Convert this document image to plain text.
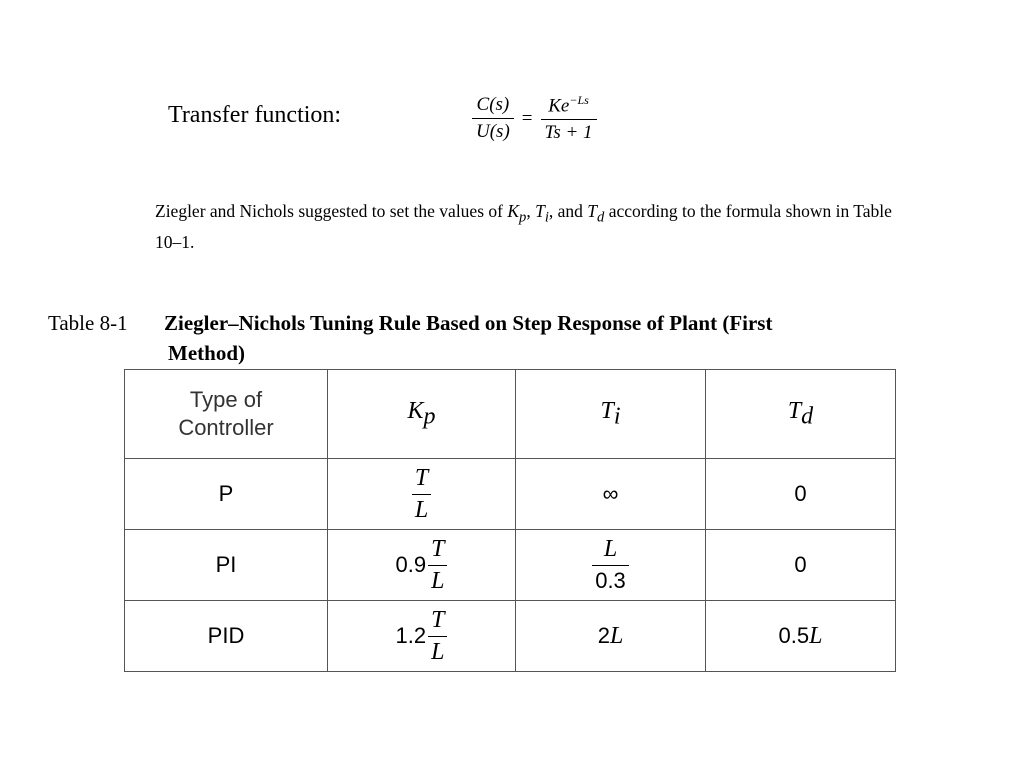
Transfer function:	$\frac{C(s)}{U(s)} = \frac{Ke^{-Ls}}{Ts + 1}$
Ziegler and Nichols suggested to set the values of $K_p$, $T_i$, and $T_d$ according to the formula shown in Table 10–1.
Table 8-1 Ziegler–Nichols Tuning Rule Based on Step Response of Plant (First
Method)
Type of
Controller	$K_p$	$T_i$	$T_d$
P	$\frac{T}{L}$	∞	0
PI	$0.9 \frac{T}{L}$	$\frac{L}{0.3}$	0
PID	$1.2 \frac{T}{L}$	2L	0.5L
